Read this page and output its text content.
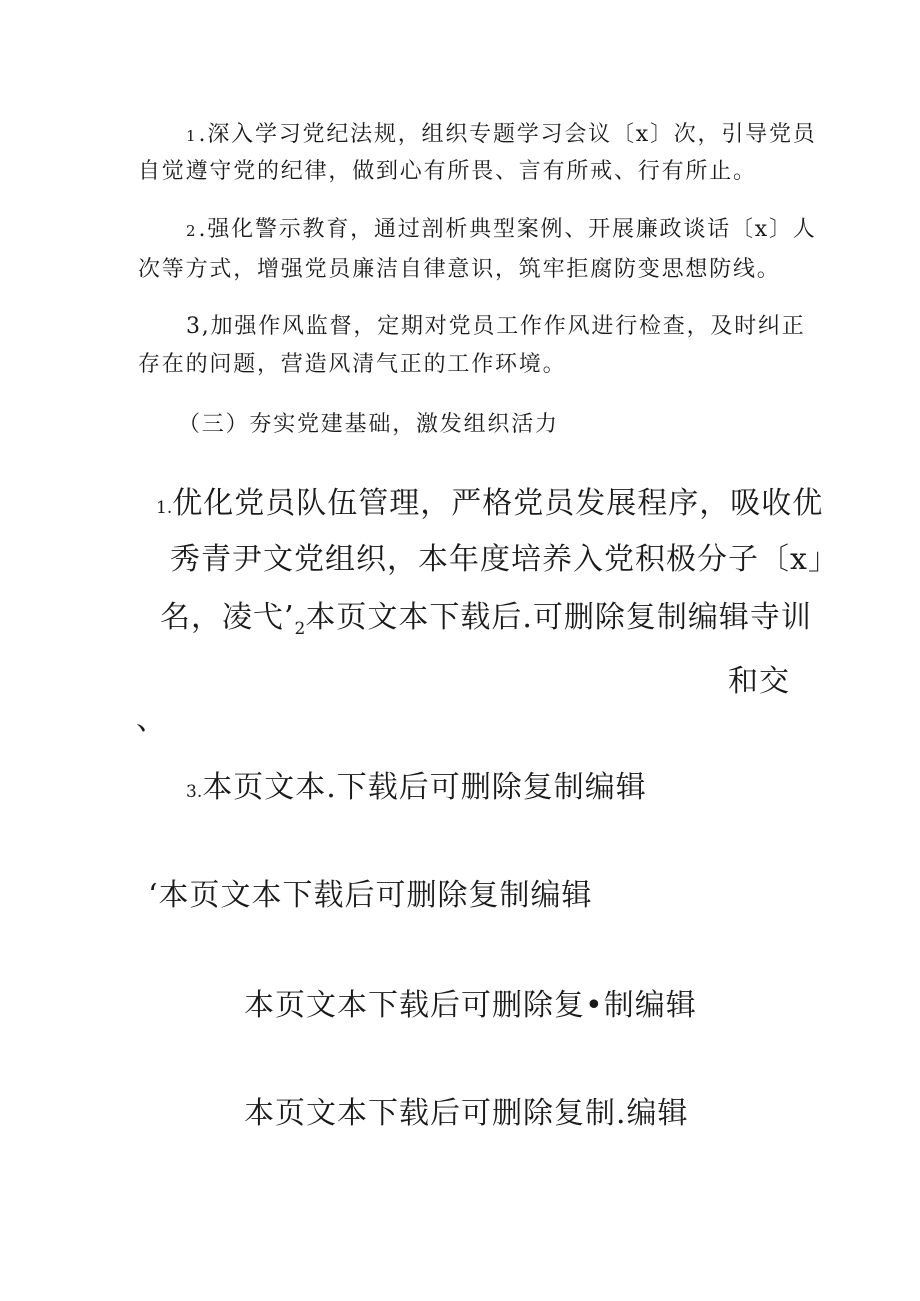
1 .深入学习党纪法规，组织专题学习会议〔x〕次，引导党员
自觉遵守党的纪律，做到心有所畏、言有所戒、行有所止。
2 .强化警示教育，通过剖析典型案例、开展廉政谈话〔x〕人
次等方式，增强党员廉洁自律意识，筑牢拒腐防变思想防线。
3,加强作风监督，定期对党员工作作风进行检查，及时纠正
存在的问题，营造风清气正的工作环境。
（三）夯实党建基础，激发组织活力
1.优化党员队伍管理，严格党员发展程序，吸收优
秀青尹文党组织，本年度培养入党积极分子〔x」
名，凌弋$’_2$本页文本下载后.可删除复制编辑寺训
和交
、
3.本页文本.下载后可删除复制编辑
‘本页文本下载后可删除复制编辑
本页文本下载后可删除复•制编辑
本页文本下载后可删除复制.编辑
